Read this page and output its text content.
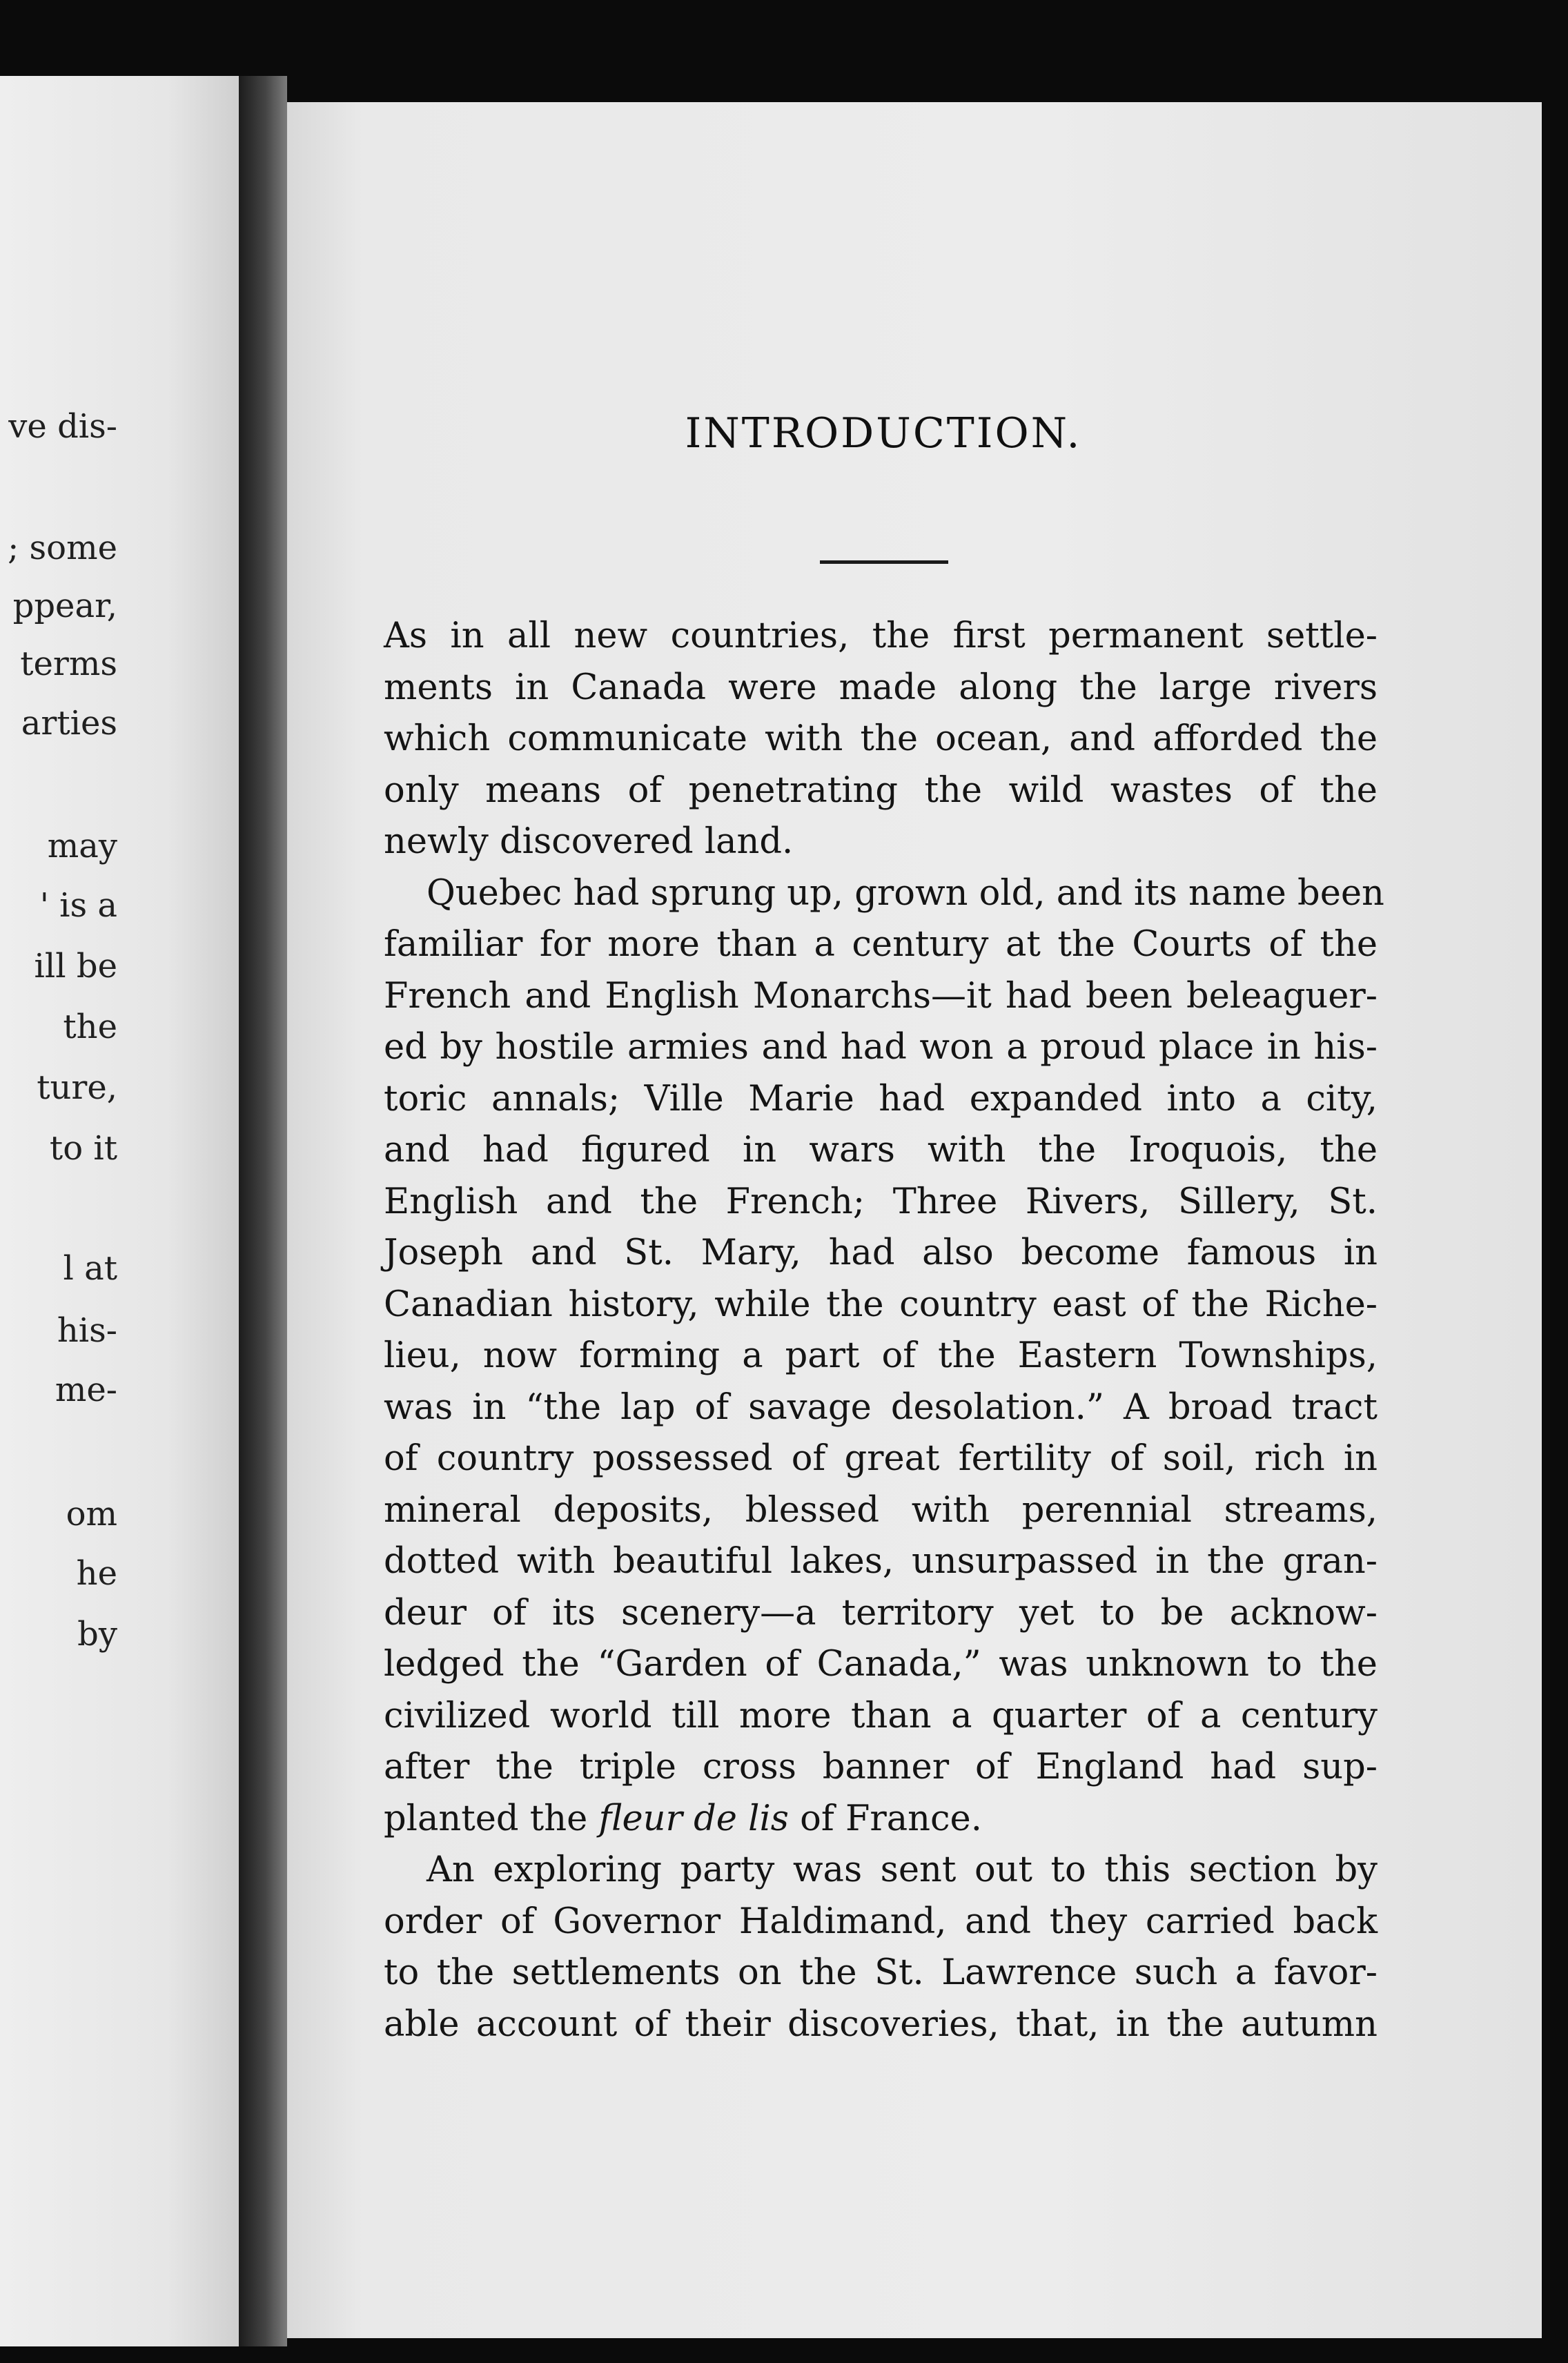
ve dis-
; some
ppear,
terms
arties
may
' is a
ill be
the
ture,
to it
l at
his-
me-
om
he
by
INTRODUCTION.
As in all new countries, the first permanent settle-
ments in Canada were made along the large rivers
which communicate with the ocean, and afforded the
only means of penetrating the wild wastes of the
newly discovered land.
Quebec had sprung up, grown old, and its name been
familiar for more than a century at the Courts of the
French and English Monarchs—it had been beleaguer-
ed by hostile armies and had won a proud place in his-
toric annals; Ville Marie had expanded into a city,
and had figured in wars with the Iroquois, the
English and the French; Three Rivers, Sillery, St.
Joseph and St. Mary, had also become famous in
Canadian history, while the country east of the Riche-
lieu, now forming a part of the Eastern Townships,
was in “the lap of savage desolation.” A broad tract
of country possessed of great fertility of soil, rich in
mineral deposits, blessed with perennial streams,
dotted with beautiful lakes, unsurpassed in the gran-
deur of its scenery—a territory yet to be acknow-
ledged the “Garden of Canada,” was unknown to the
civilized world till more than a quarter of a century
after the triple cross banner of England had sup-
planted the fleur de lis of France.
An exploring party was sent out to this section by
order of Governor Haldimand, and they carried back
to the settlements on the St. Lawrence such a favor-
able account of their discoveries, that, in the autumn
